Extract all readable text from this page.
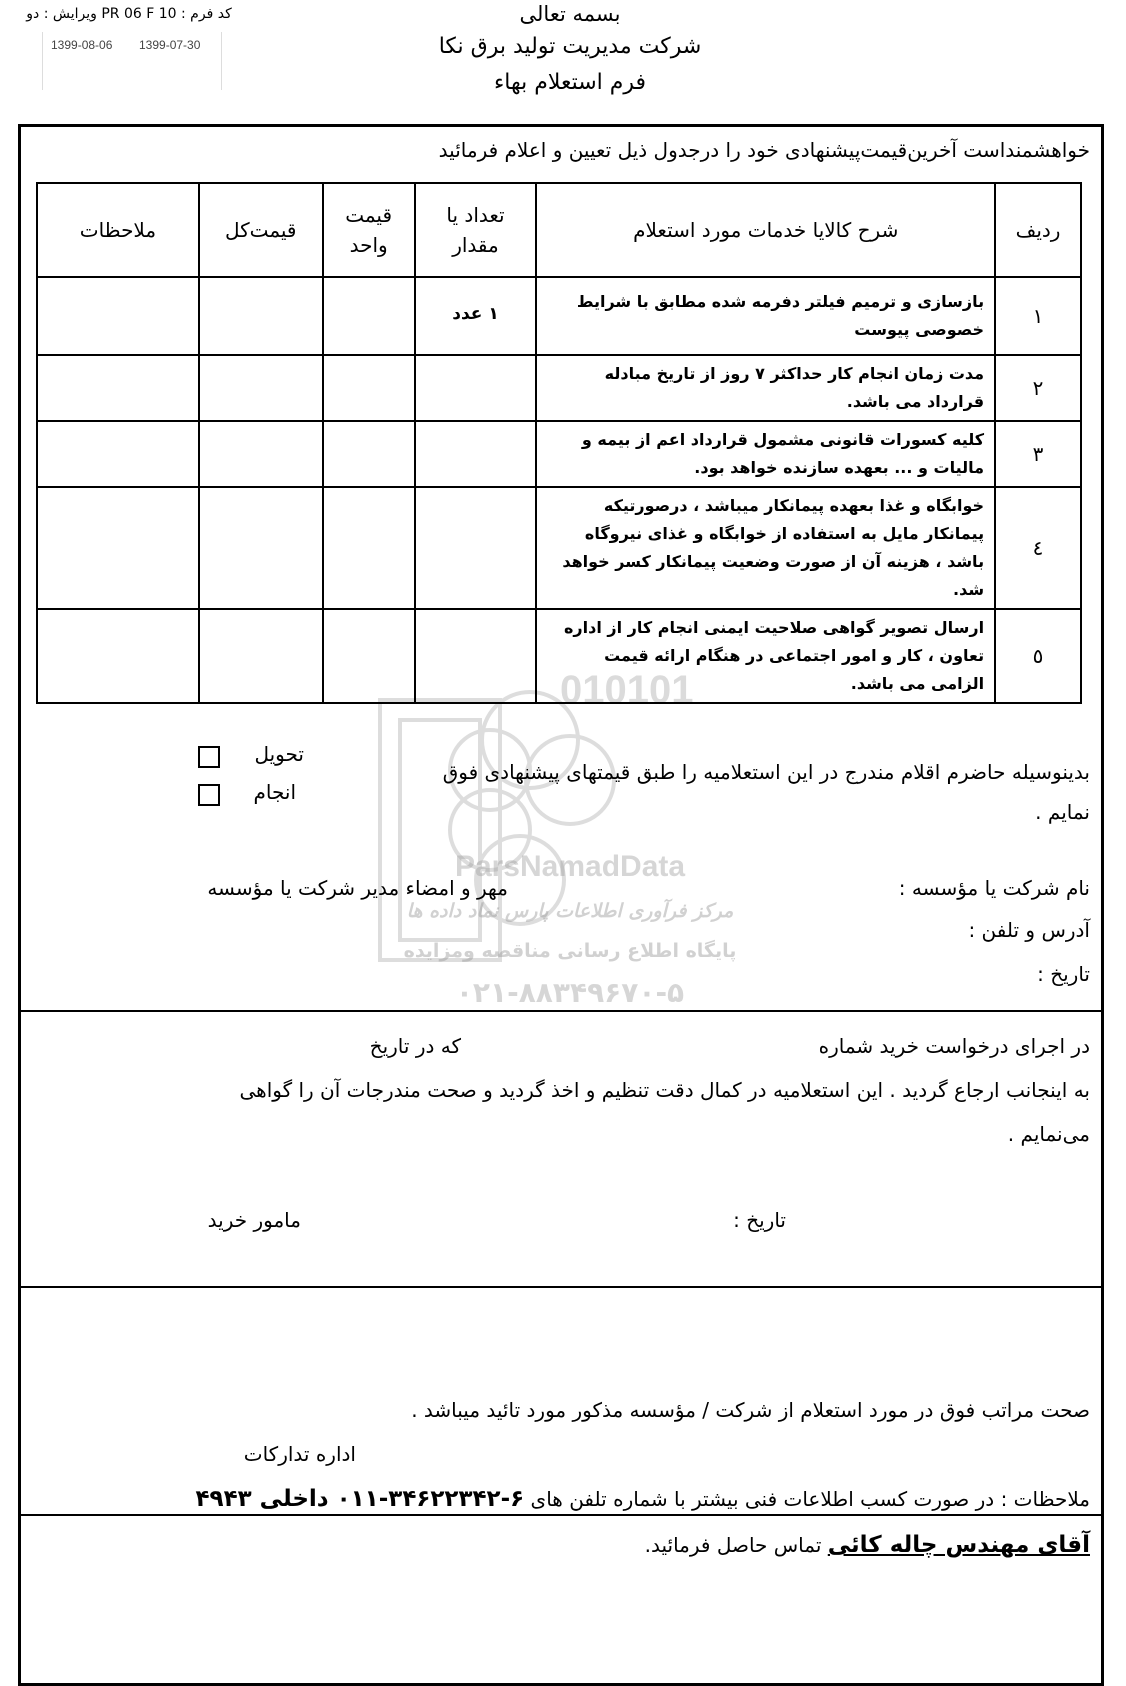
کد فرم : PR 06 F 10 ویرایش : دو
1399-08-06 1399-07-30
بسمه تعالی
شرکت مدیریت تولید برق نکا
فرم استعلام بهاء
010101
ParsNamadData
مرکز فرآوری اطلاعات پارس نماد داده ها
پایگاه اطلاع رسانی مناقصه ومزایده
۰۲۱-۸۸۳۴۹۶۷۰-۵
خواهشمنداست آخرین‌قیمت‌پیشنهادی خود را درجدول ذیل تعیین و اعلام فرمائید
ردیف	شرح کالایا خدمات مورد استعلام	تعداد یا مقدار	قیمت واحد	قیمت‌کل	ملاحظات
۱	بازسازی و ترمیم فیلتر دفرمه شده مطابق با شرایط خصوصی پیوست	۱ عدد			
۲	مدت زمان انجام کار حداکثر ۷ روز از تاریخ مبادله قرارداد می باشد.				
۳	کلیه کسورات قانونی مشمول قرارداد اعم از بیمه و مالیات و ... بعهده سازنده خواهد بود.				
٤	خوابگاه و غذا بعهده پیمانکار میباشد ، درصورتیکه پیمانکار مایل به استفاده از خوابگاه و غذای نیروگاه باشد ، هزینه آن از صورت وضعیت پیمانکار کسر خواهد شد.				
٥	ارسال تصویر گواهی صلاحیت ایمنی انجام کار از اداره تعاون ، کار و امور اجتماعی در هنگام ارائه قیمت الزامی می باشد.				
بدینوسیله حاضرم اقلام مندرج در این استعلامیه را طبق قیمتهای پیشنهادی فوق
نمایم .
تحویل
انجام
نام شرکت یا مؤسسه :
مهر و امضاء مدیر شرکت یا مؤسسه
آدرس و تلفن :
تاریخ :
در اجرای درخواست خرید شماره
که در تاریخ
به اینجانب ارجاع گردید . این استعلامیه در کمال دقت تنظیم و اخذ گردید و صحت مندرجات آن را گواهی
می‌نمایم .
تاریخ :
مامور خرید
صحت مراتب فوق در مورد استعلام از شرکت / مؤسسه مذکور مورد تائید میباشد .
اداره تدارکات
ملاحظات : در صورت کسب اطلاعات فنی بیشتر با شماره تلفن های ۶-۳۴۶۲۲۳۴۲-۰۱۱ داخلی ۴۹۴۳
آقای مهندس چاله کائی تماس حاصل فرمائید.
